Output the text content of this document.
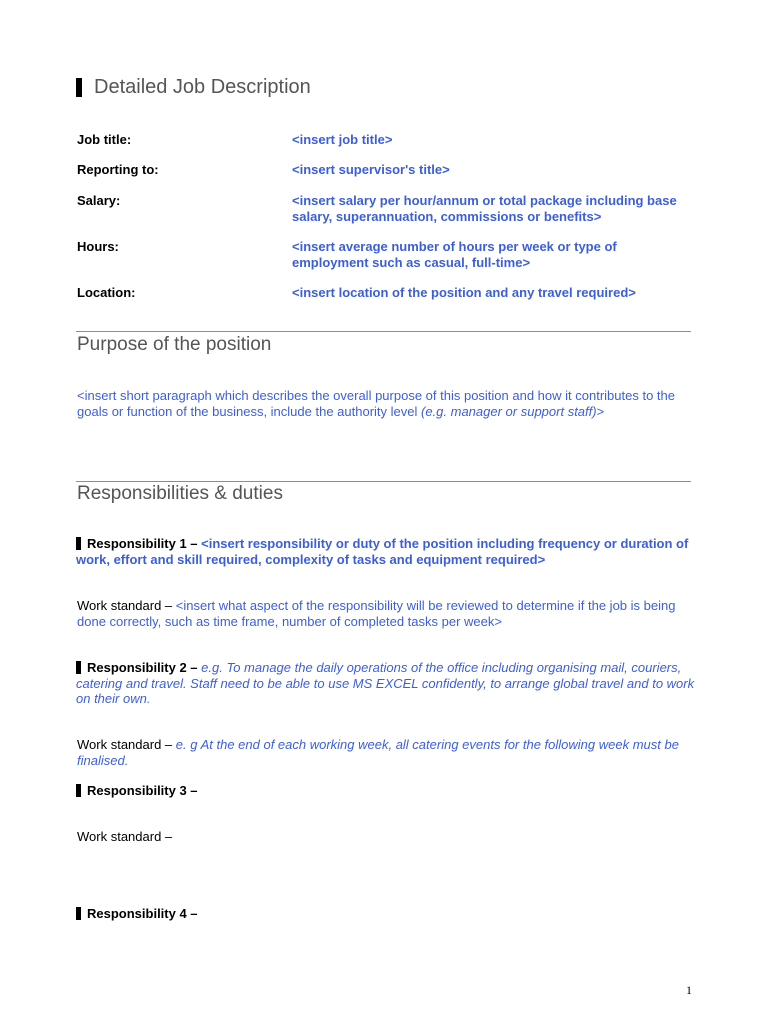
Detailed Job Description
Job title:	<insert job title>
Reporting to:	<insert supervisor's title>
Salary:	<insert salary per hour/annum or total package including base salary, superannuation, commissions or benefits>
Hours:	<insert average number of hours per week or type of employment such as casual, full-time>
Location:	<insert location of the position and any travel required>
Purpose of the position
<insert short paragraph which describes the overall purpose of this position and how it contributes to the goals or function of the business, include the authority level (e.g. manager or support staff)>
Responsibilities & duties
Responsibility 1 – <insert responsibility or duty of the position including frequency or duration of work, effort and skill required, complexity of tasks and equipment required>
Work standard – <insert what aspect of the responsibility will be reviewed to determine if the job is being done correctly, such as time frame, number of completed tasks per week>
Responsibility 2 – e.g. To manage the daily operations of the office including organising mail, couriers, catering and travel. Staff need to be able to use MS EXCEL confidently, to arrange global travel and to work on their own.
Work standard – e. g At the end of each working week, all catering events for the following week must be finalised.
Responsibility 3 –
Work standard –
Responsibility 4 –
1
